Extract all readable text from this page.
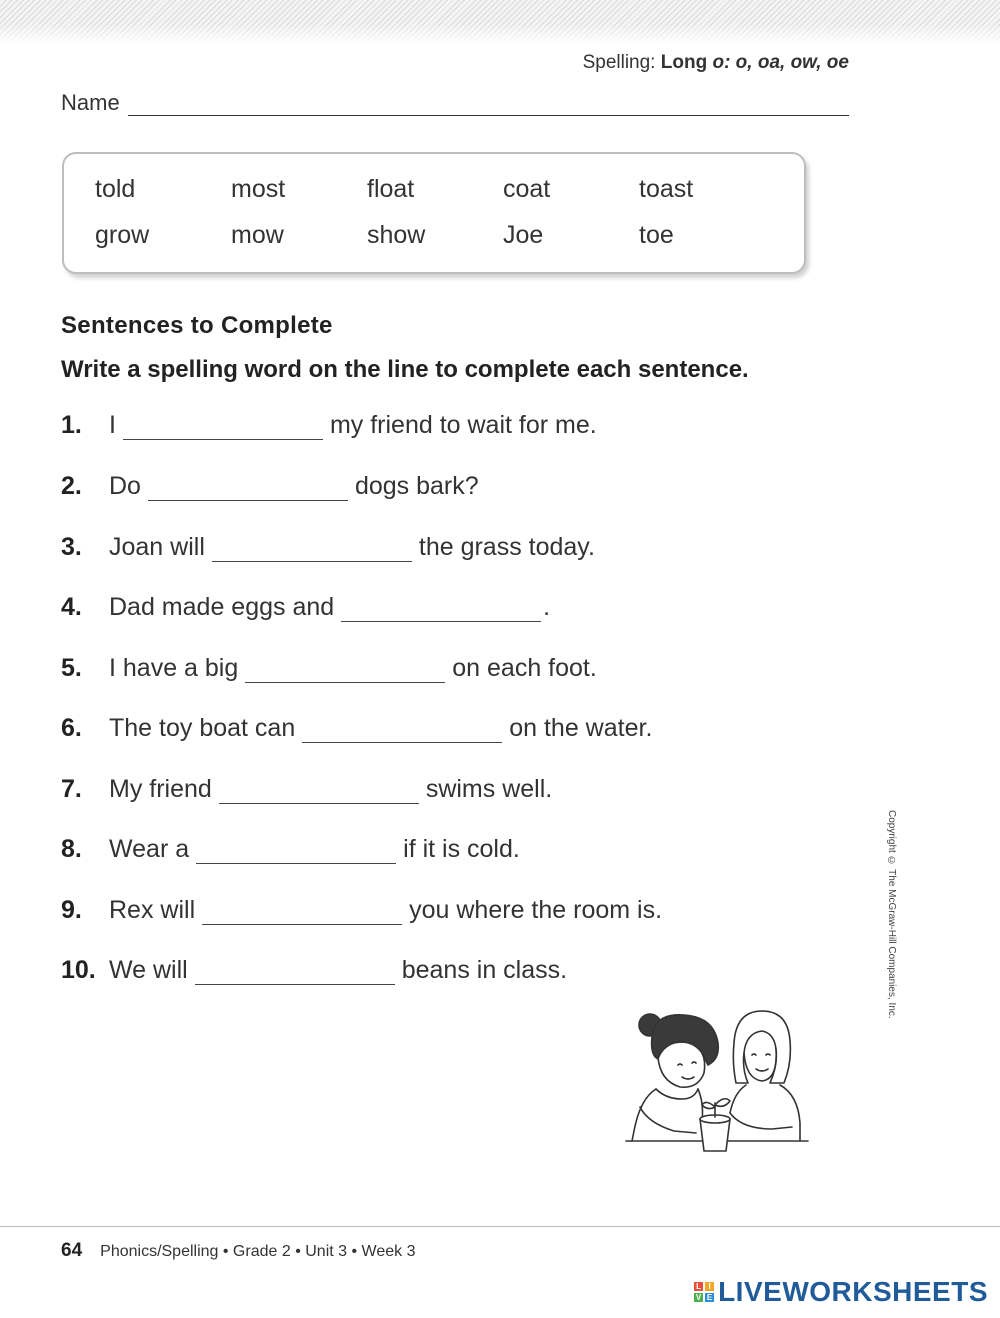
Spelling: Long o: o, oa, ow, oe
Name
told	most	float	coat	toast
grow	mow	show	Joe	toe
Sentences to Complete
Write a spelling word on the line to complete each sentence.
1.	I	my friend to wait for me.
2.	Do	dogs bark?
3.	Joan will	the grass today.
4.	Dad made eggs and	.
5.	I have a big	on each foot.
6.	The toy boat can	on the water.
7.	My friend	swims well.
8.	Wear a	if it is cold.
9.	Rex will	you where the room is.
10. We will	beans in class.	Copyright © The McGraw-Hill Companies, Inc.
64 Phonics/Spelling • Grade 2 • Unit 3 • Week 3
L I
V E LIVEWORKSHEETS
